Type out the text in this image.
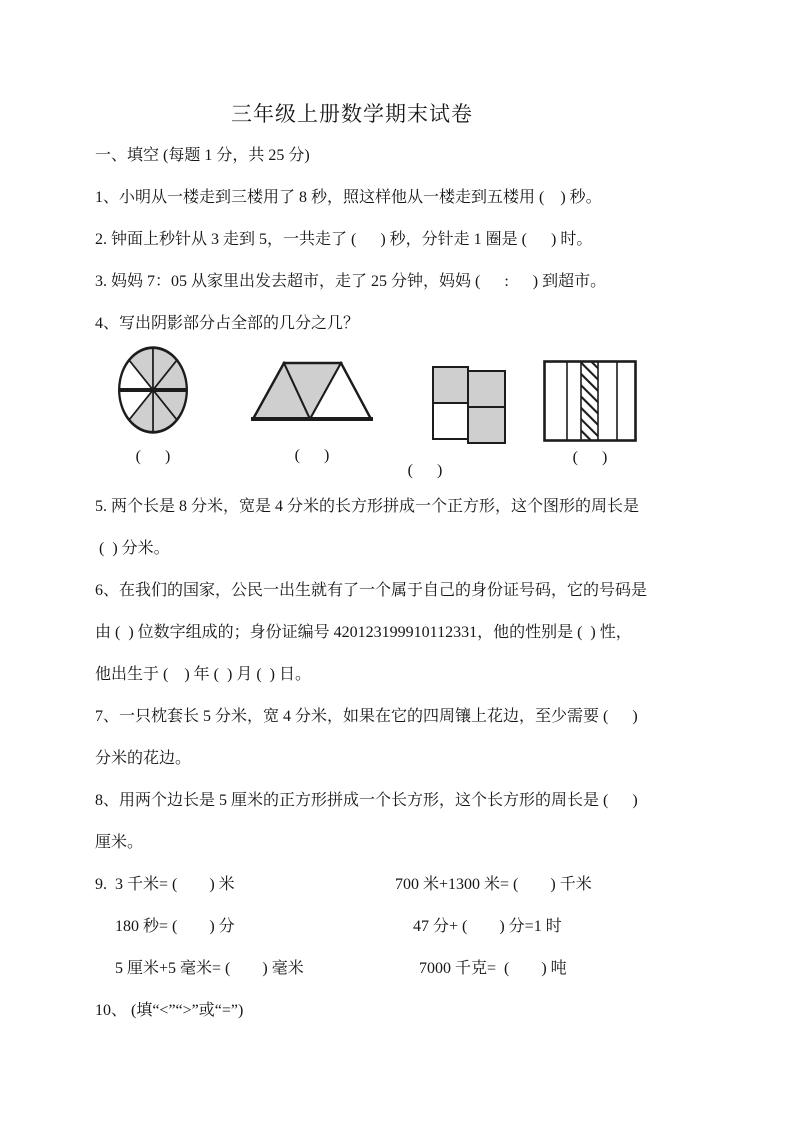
三年级上册数学期末试卷
一、填空 (每题 1 分，共 25 分)
1、小明从一楼走到三楼用了 8 秒，照这样他从一楼走到五楼用 (    ) 秒。
2. 钟面上秒针从 3 走到 5，一共走了 (      ) 秒，分针走 1 圈是 (      ) 时。
3. 妈妈 7：05 从家里出发去超市，走了 25 分钟，妈妈 (      :      ) 到超市。
4、写出阴影部分占全部的几分之几？
(      )	(      )
(      )
(      )
5. 两个长是 8 分米，宽是 4 分米的长方形拼成一个正方形，这个图形的周长是
(  ) 分米。
6、在我们的国家，公民一出生就有了一个属于自己的身份证号码，它的号码是
由 (  ) 位数字组成的；身份证编号 420123199910112331，他的性别是 (  ) 性，
他出生于 (    ) 年 (  ) 月 (  ) 日。
7、一只枕套长 5 分米，宽 4 分米，如果在它的四周镶上花边，至少需要 (      )
分米的花边。
8、用两个边长是 5 厘米的正方形拼成一个长方形，这个长方形的周长是 (      )
厘米。
9.  3 千米= (        ) 米	700 米+1300 米= (        ) 千米
180 秒= (        ) 分	47 分+ (        ) 分=1 时
5 厘米+5 毫米= (        ) 毫米	7000 千克=  (        ) 吨
10、 (填“<”“>”或“=”)
